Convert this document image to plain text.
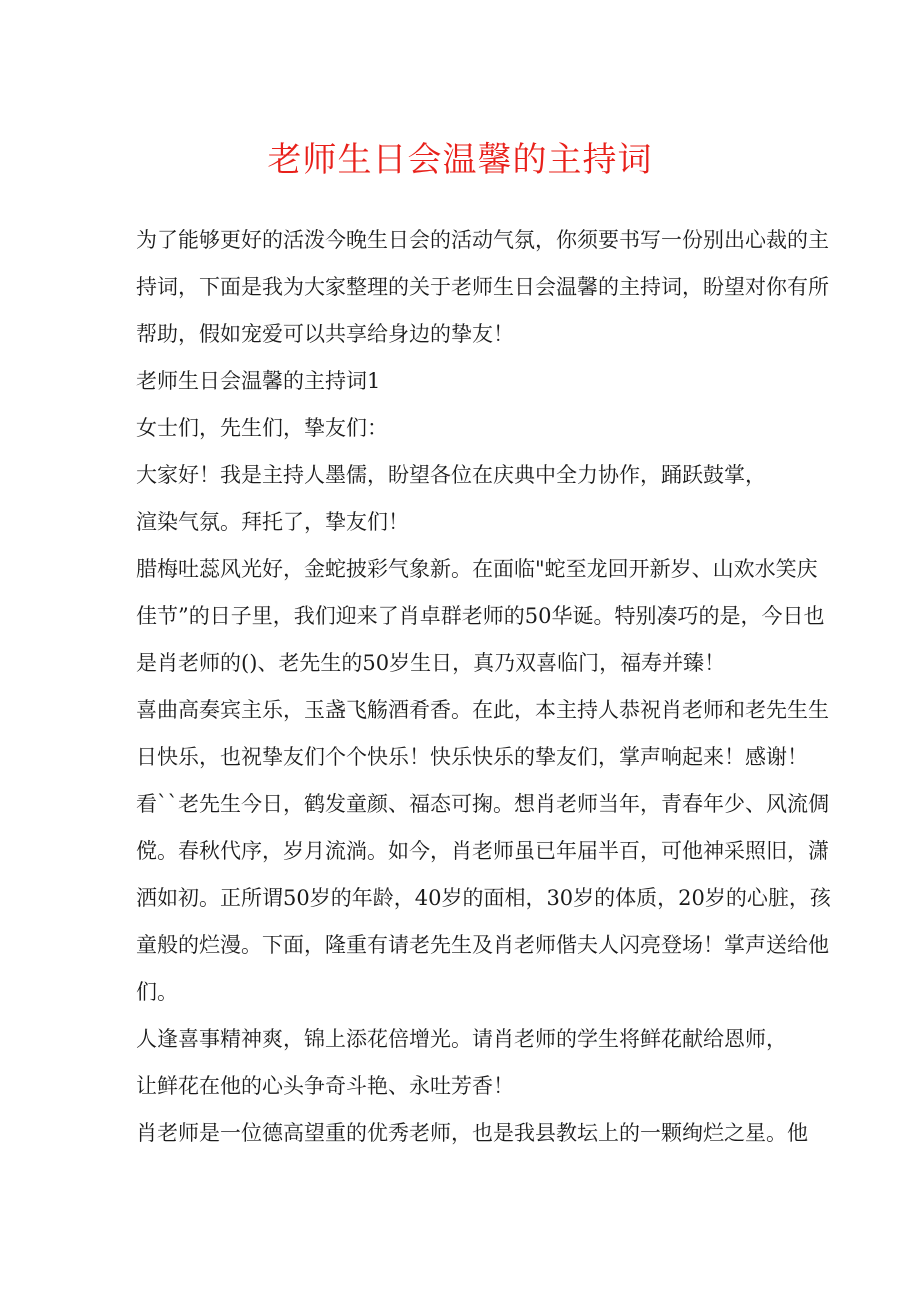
老师生日会温馨的主持词
为了能够更好的活泼今晚生日会的活动气氛，你须要书写一份别出心裁的主
持词，下面是我为大家整理的关于老师生日会温馨的主持词，盼望对你有所
帮助，假如宠爱可以共享给身边的挚友！
老师生日会温馨的主持词1
女士们，先生们，挚友们：
大家好！我是主持人墨儒，盼望各位在庆典中全力协作，踊跃鼓掌，
渲染气氛。拜托了，挚友们！
腊梅吐蕊风光好，金蛇披彩气象新。在面临"蛇至龙回开新岁、山欢水笑庆
佳节”的日子里，我们迎来了肖卓群老师的50华诞。特别凑巧的是，今日也
是肖老师的()、老先生的50岁生日，真乃双喜临门，福寿并臻！
喜曲高奏宾主乐，玉盏飞觞酒肴香。在此，本主持人恭祝肖老师和老先生生
日快乐，也祝挚友们个个快乐！快乐快乐的挚友们，掌声响起来！感谢！
看``老先生今日，鹤发童颜、福态可掬。想肖老师当年，青春年少、风流倜
傥。春秋代序，岁月流淌。如今，肖老师虽已年届半百，可他神采照旧，潇
洒如初。正所谓50岁的年龄，40岁的面相，30岁的体质，20岁的心脏，孩
童般的烂漫。下面，隆重有请老先生及肖老师偕夫人闪亮登场！掌声送给他
们。
人逢喜事精神爽，锦上添花倍增光。请肖老师的学生将鲜花献给恩师，
让鲜花在他的心头争奇斗艳、永吐芳香！
肖老师是一位德高望重的优秀老师，也是我县教坛上的一颗绚烂之星。他
